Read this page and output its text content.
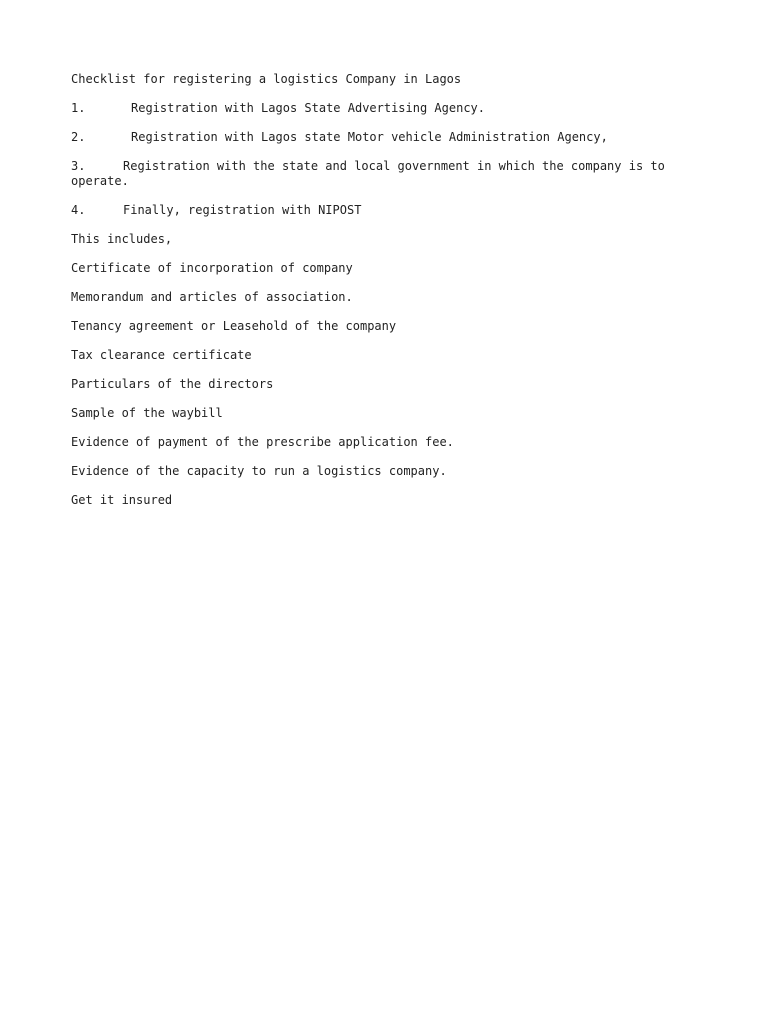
Checklist for registering a logistics Company in Lagos

1.	Registration with Lagos State Advertising Agency.

2.	Registration with Lagos state Motor vehicle Administration Agency,

3.	Registration with the state and local government in which the company is to operate.

4.	Finally, registration with NIPOST

This includes,

Certificate of incorporation of company

Memorandum and articles of association.

Tenancy agreement or Leasehold of the company

Tax clearance certificate

Particulars of the directors

Sample of the waybill

Evidence of payment of the prescribe application fee.

Evidence of the capacity to run a logistics company.

Get it insured
